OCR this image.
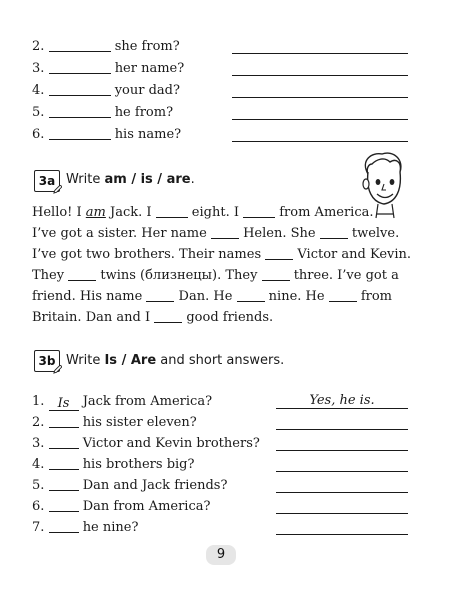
2.	she from?
3.	her name?
4.	your dad?
5.	he from?
6.	his name?
3a Write am / is / are.
Hello! I am Jack. I  eight. I  from America.
I’ve got a sister. Her name  Helen. She  twelve.
I’ve got two brothers. Their names  Victor and Kevin.
They  twins (близнецы). They  three. I’ve got a
friend. His name  Dan. He  nine. He  from
Britain. Dan and I  good friends.
3b Write Is / Are and short answers.
1. Is Jack from America?	Yes, he is.
2.	his sister eleven?
3.	Victor and Kevin brothers?
4.	his brothers big?
5.	Dan and Jack friends?
6.	Dan from America?
7.	he nine?
9
